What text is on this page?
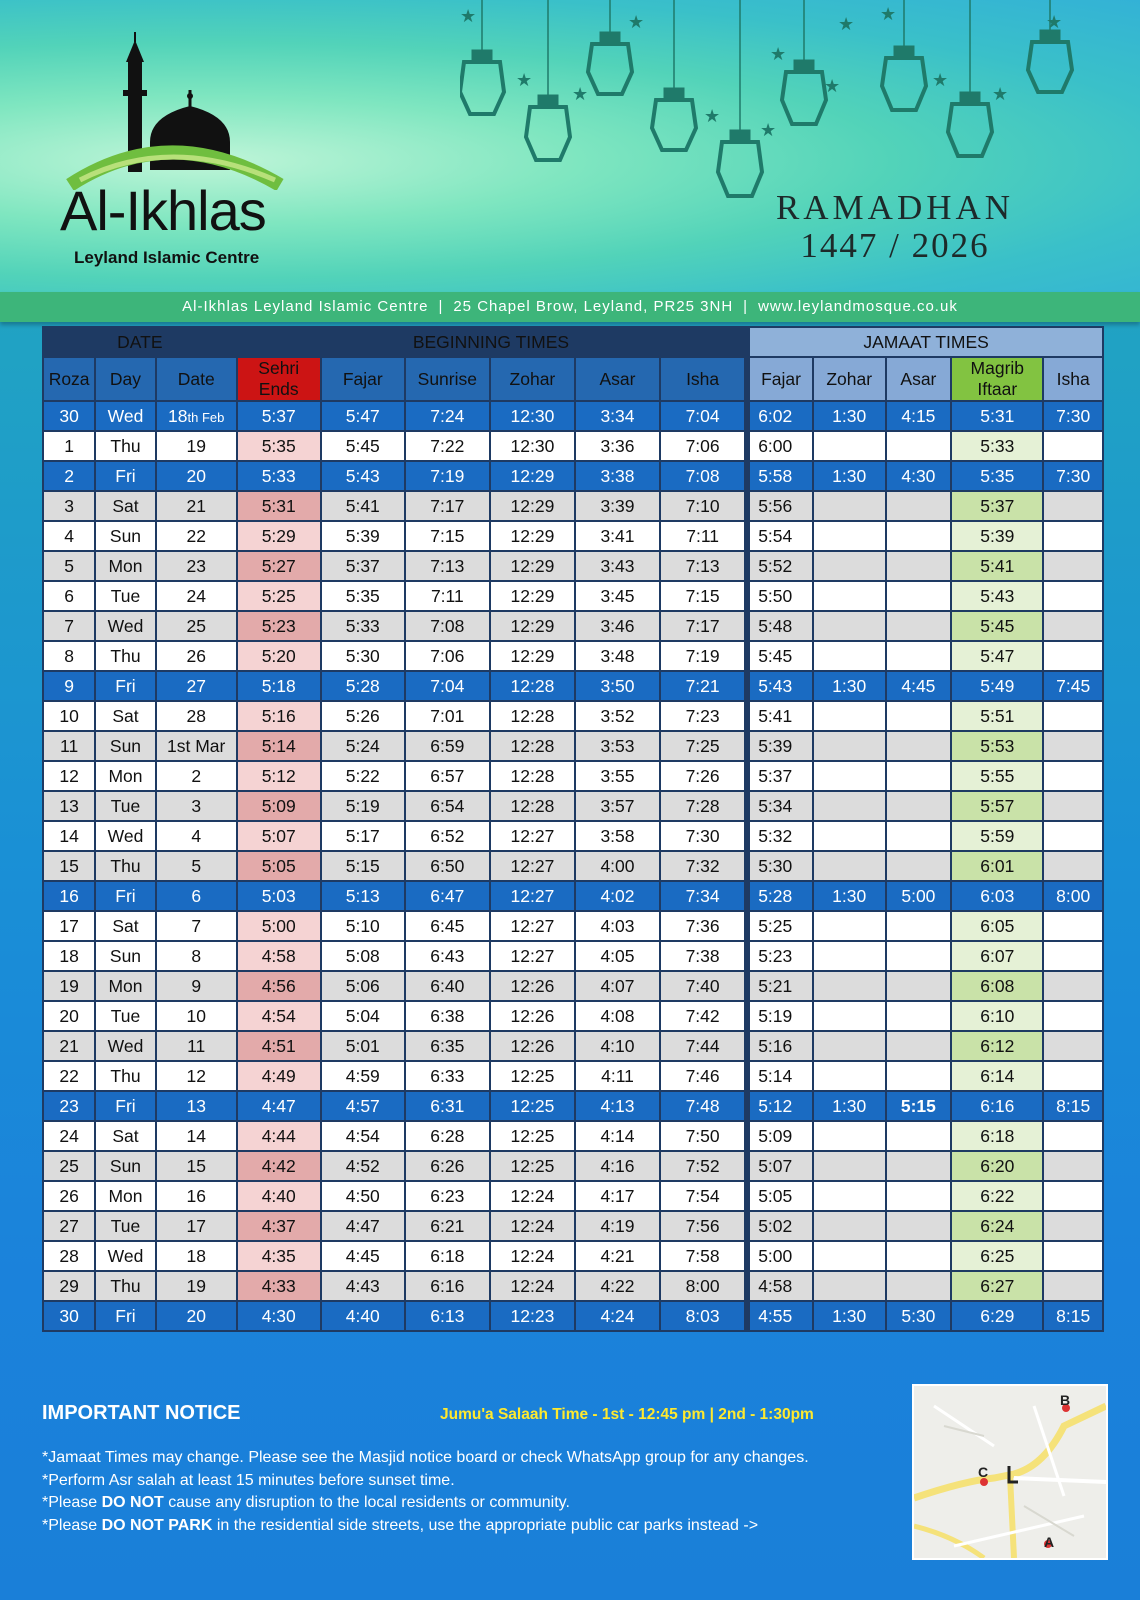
Al-Ikhlas
Leyland Islamic Centre
★
★
★
★
★
★
★
★ ★
★
★
★
★
RAMADHAN
1447 / 2026
Al-Ikhlas Leyland Islamic Centre | 25 Chapel Brow, Leyland, PR25 3NH | www.leylandmosque.co.uk
DATE			BEGINNING TIMES						JAMAAT TIMES				
Roza	Day	Date	Sehri
Ends	Fajar	Sunrise	Zohar	Asar	Isha	Fajar	Zohar	Asar	Magrib
Iftaar	Isha
30	Wed	18th Feb	5:37	5:47	7:24	12:30	3:34	7:04	6:02	1:30	4:15	5:31	7:30
1	Thu	19	5:35	5:45	7:22	12:30	3:36	7:06	6:00			5:33	
2	Fri	20	5:33	5:43	7:19	12:29	3:38	7:08	5:58	1:30	4:30	5:35	7:30
3	Sat	21	5:31	5:41	7:17	12:29	3:39	7:10	5:56			5:37	
4	Sun	22	5:29	5:39	7:15	12:29	3:41	7:11	5:54			5:39	
5	Mon	23	5:27	5:37	7:13	12:29	3:43	7:13	5:52			5:41	
6	Tue	24	5:25	5:35	7:11	12:29	3:45	7:15	5:50			5:43	
7	Wed	25	5:23	5:33	7:08	12:29	3:46	7:17	5:48			5:45	
8	Thu	26	5:20	5:30	7:06	12:29	3:48	7:19	5:45			5:47	
9	Fri	27	5:18	5:28	7:04	12:28	3:50	7:21	5:43	1:30	4:45	5:49	7:45
10	Sat	28	5:16	5:26	7:01	12:28	3:52	7:23	5:41			5:51	
11	Sun	1st Mar	5:14	5:24	6:59	12:28	3:53	7:25	5:39			5:53	
12	Mon	2	5:12	5:22	6:57	12:28	3:55	7:26	5:37			5:55	
13	Tue	3	5:09	5:19	6:54	12:28	3:57	7:28	5:34			5:57	
14	Wed	4	5:07	5:17	6:52	12:27	3:58	7:30	5:32			5:59	
15	Thu	5	5:05	5:15	6:50	12:27	4:00	7:32	5:30			6:01	
16	Fri	6	5:03	5:13	6:47	12:27	4:02	7:34	5:28	1:30	5:00	6:03	8:00
17	Sat	7	5:00	5:10	6:45	12:27	4:03	7:36	5:25			6:05	
18	Sun	8	4:58	5:08	6:43	12:27	4:05	7:38	5:23			6:07	
19	Mon	9	4:56	5:06	6:40	12:26	4:07	7:40	5:21			6:08	
20	Tue	10	4:54	5:04	6:38	12:26	4:08	7:42	5:19			6:10	
21	Wed	11	4:51	5:01	6:35	12:26	4:10	7:44	5:16			6:12	
22	Thu	12	4:49	4:59	6:33	12:25	4:11	7:46	5:14			6:14	
23	Fri	13	4:47	4:57	6:31	12:25	4:13	7:48	5:12	1:30	5:15	6:16	8:15
24	Sat	14	4:44	4:54	6:28	12:25	4:14	7:50	5:09			6:18	
25	Sun	15	4:42	4:52	6:26	12:25	4:16	7:52	5:07			6:20	
26	Mon	16	4:40	4:50	6:23	12:24	4:17	7:54	5:05			6:22	
27	Tue	17	4:37	4:47	6:21	12:24	4:19	7:56	5:02			6:24	
28	Wed	18	4:35	4:45	6:18	12:24	4:21	7:58	5:00			6:25	
29	Thu	19	4:33	4:43	6:16	12:24	4:22	8:00	4:58			6:27	
30	Fri	20	4:30	4:40	6:13	12:23	4:24	8:03	4:55	1:30	5:30	6:29	8:15
IMPORTANT NOTICE	Jumu'a Salaah Time - 1st - 12:45 pm | 2nd - 1:30pm
*Jamaat Times may change. Please see the Masjid notice board or check WhatsApp group for any changes.
*Perform Asr salah at least 15 minutes before sunset time.
*Please DO NOT cause any disruption to the local residents or community.
*Please DO NOT PARK in the residential side streets, use the appropriate public car parks instead ->
B
A
C
